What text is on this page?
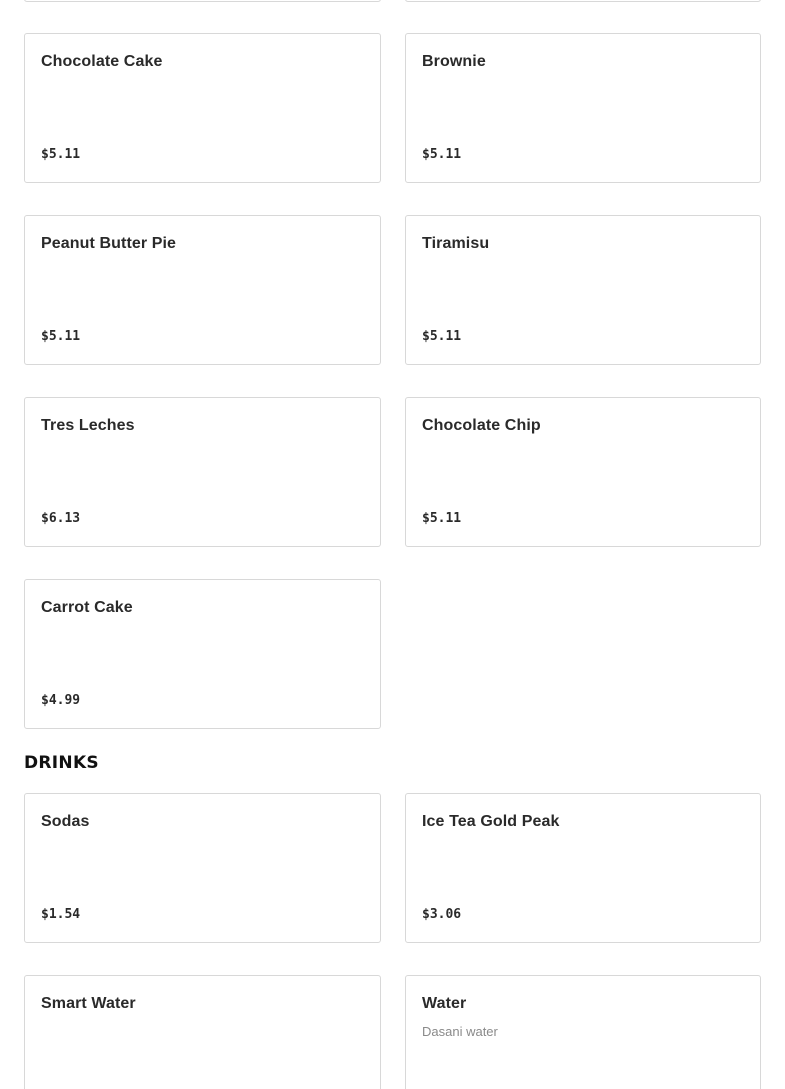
Chocolate Cake
$5.11
Brownie
$5.11
Peanut Butter Pie
$5.11
Tiramisu
$5.11
Tres Leches
$6.13
Chocolate Chip
$5.11
Carrot Cake
$4.99
DRINKS
Sodas
$1.54
Ice Tea Gold Peak
$3.06
Smart Water	Water
Dasani water
